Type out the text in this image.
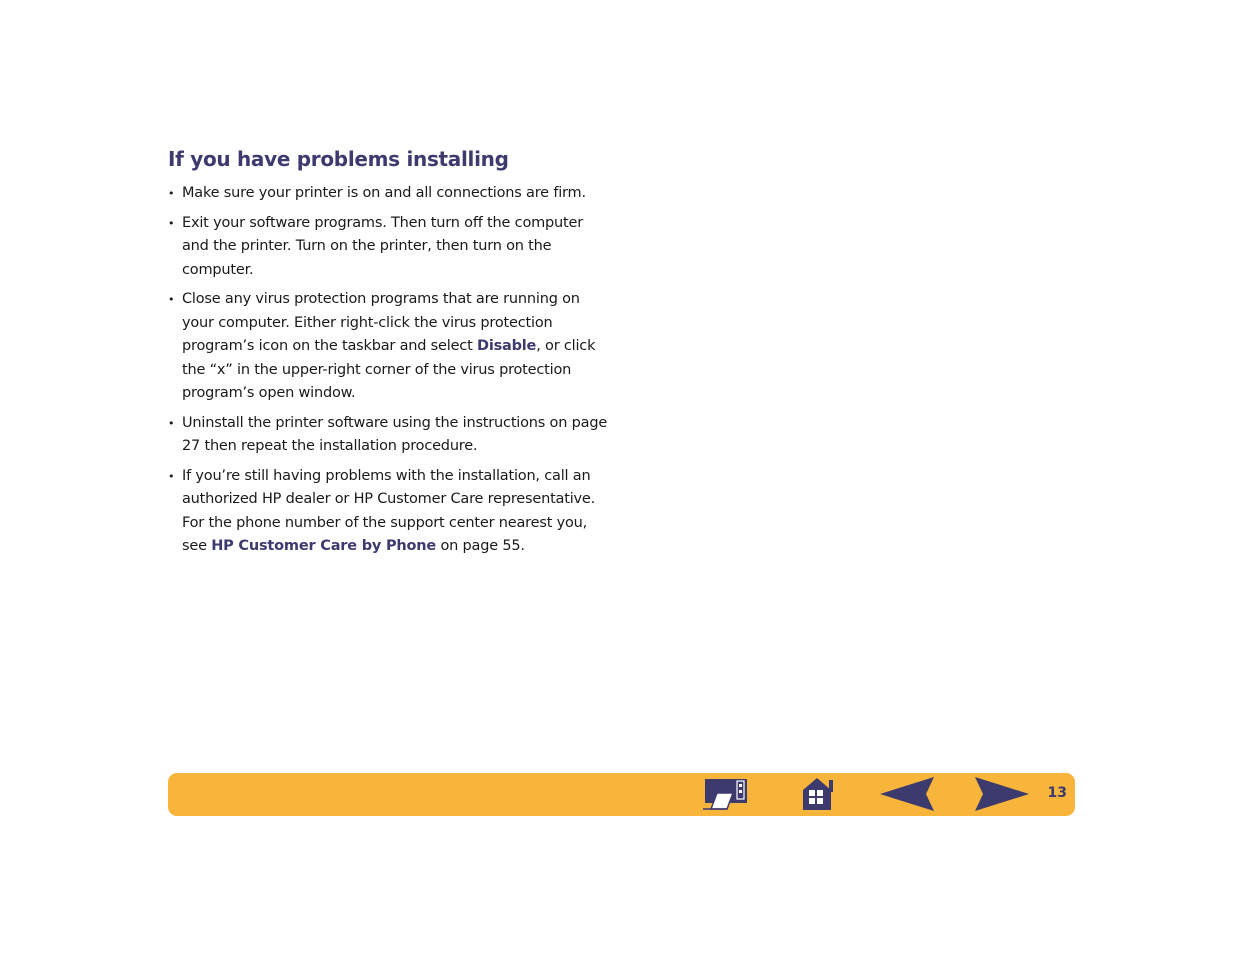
If you have problems installing
• Make sure your printer is on and all connections are firm.
• Exit your software programs. Then turn off the computer and the printer. Turn on the printer, then turn on the computer.
• Close any virus protection programs that are running on your computer. Either right-click the virus protection program’s icon on the taskbar and select Disable, or click the “x” in the upper-right corner of the virus protection program’s open window.
• Uninstall the printer software using the instructions on page 27 then repeat the installation procedure.
• If you’re still having problems with the installation, call an authorized HP dealer or HP Customer Care representative. For the phone number of the support center nearest you, see HP Customer Care by Phone on page 55.
13
